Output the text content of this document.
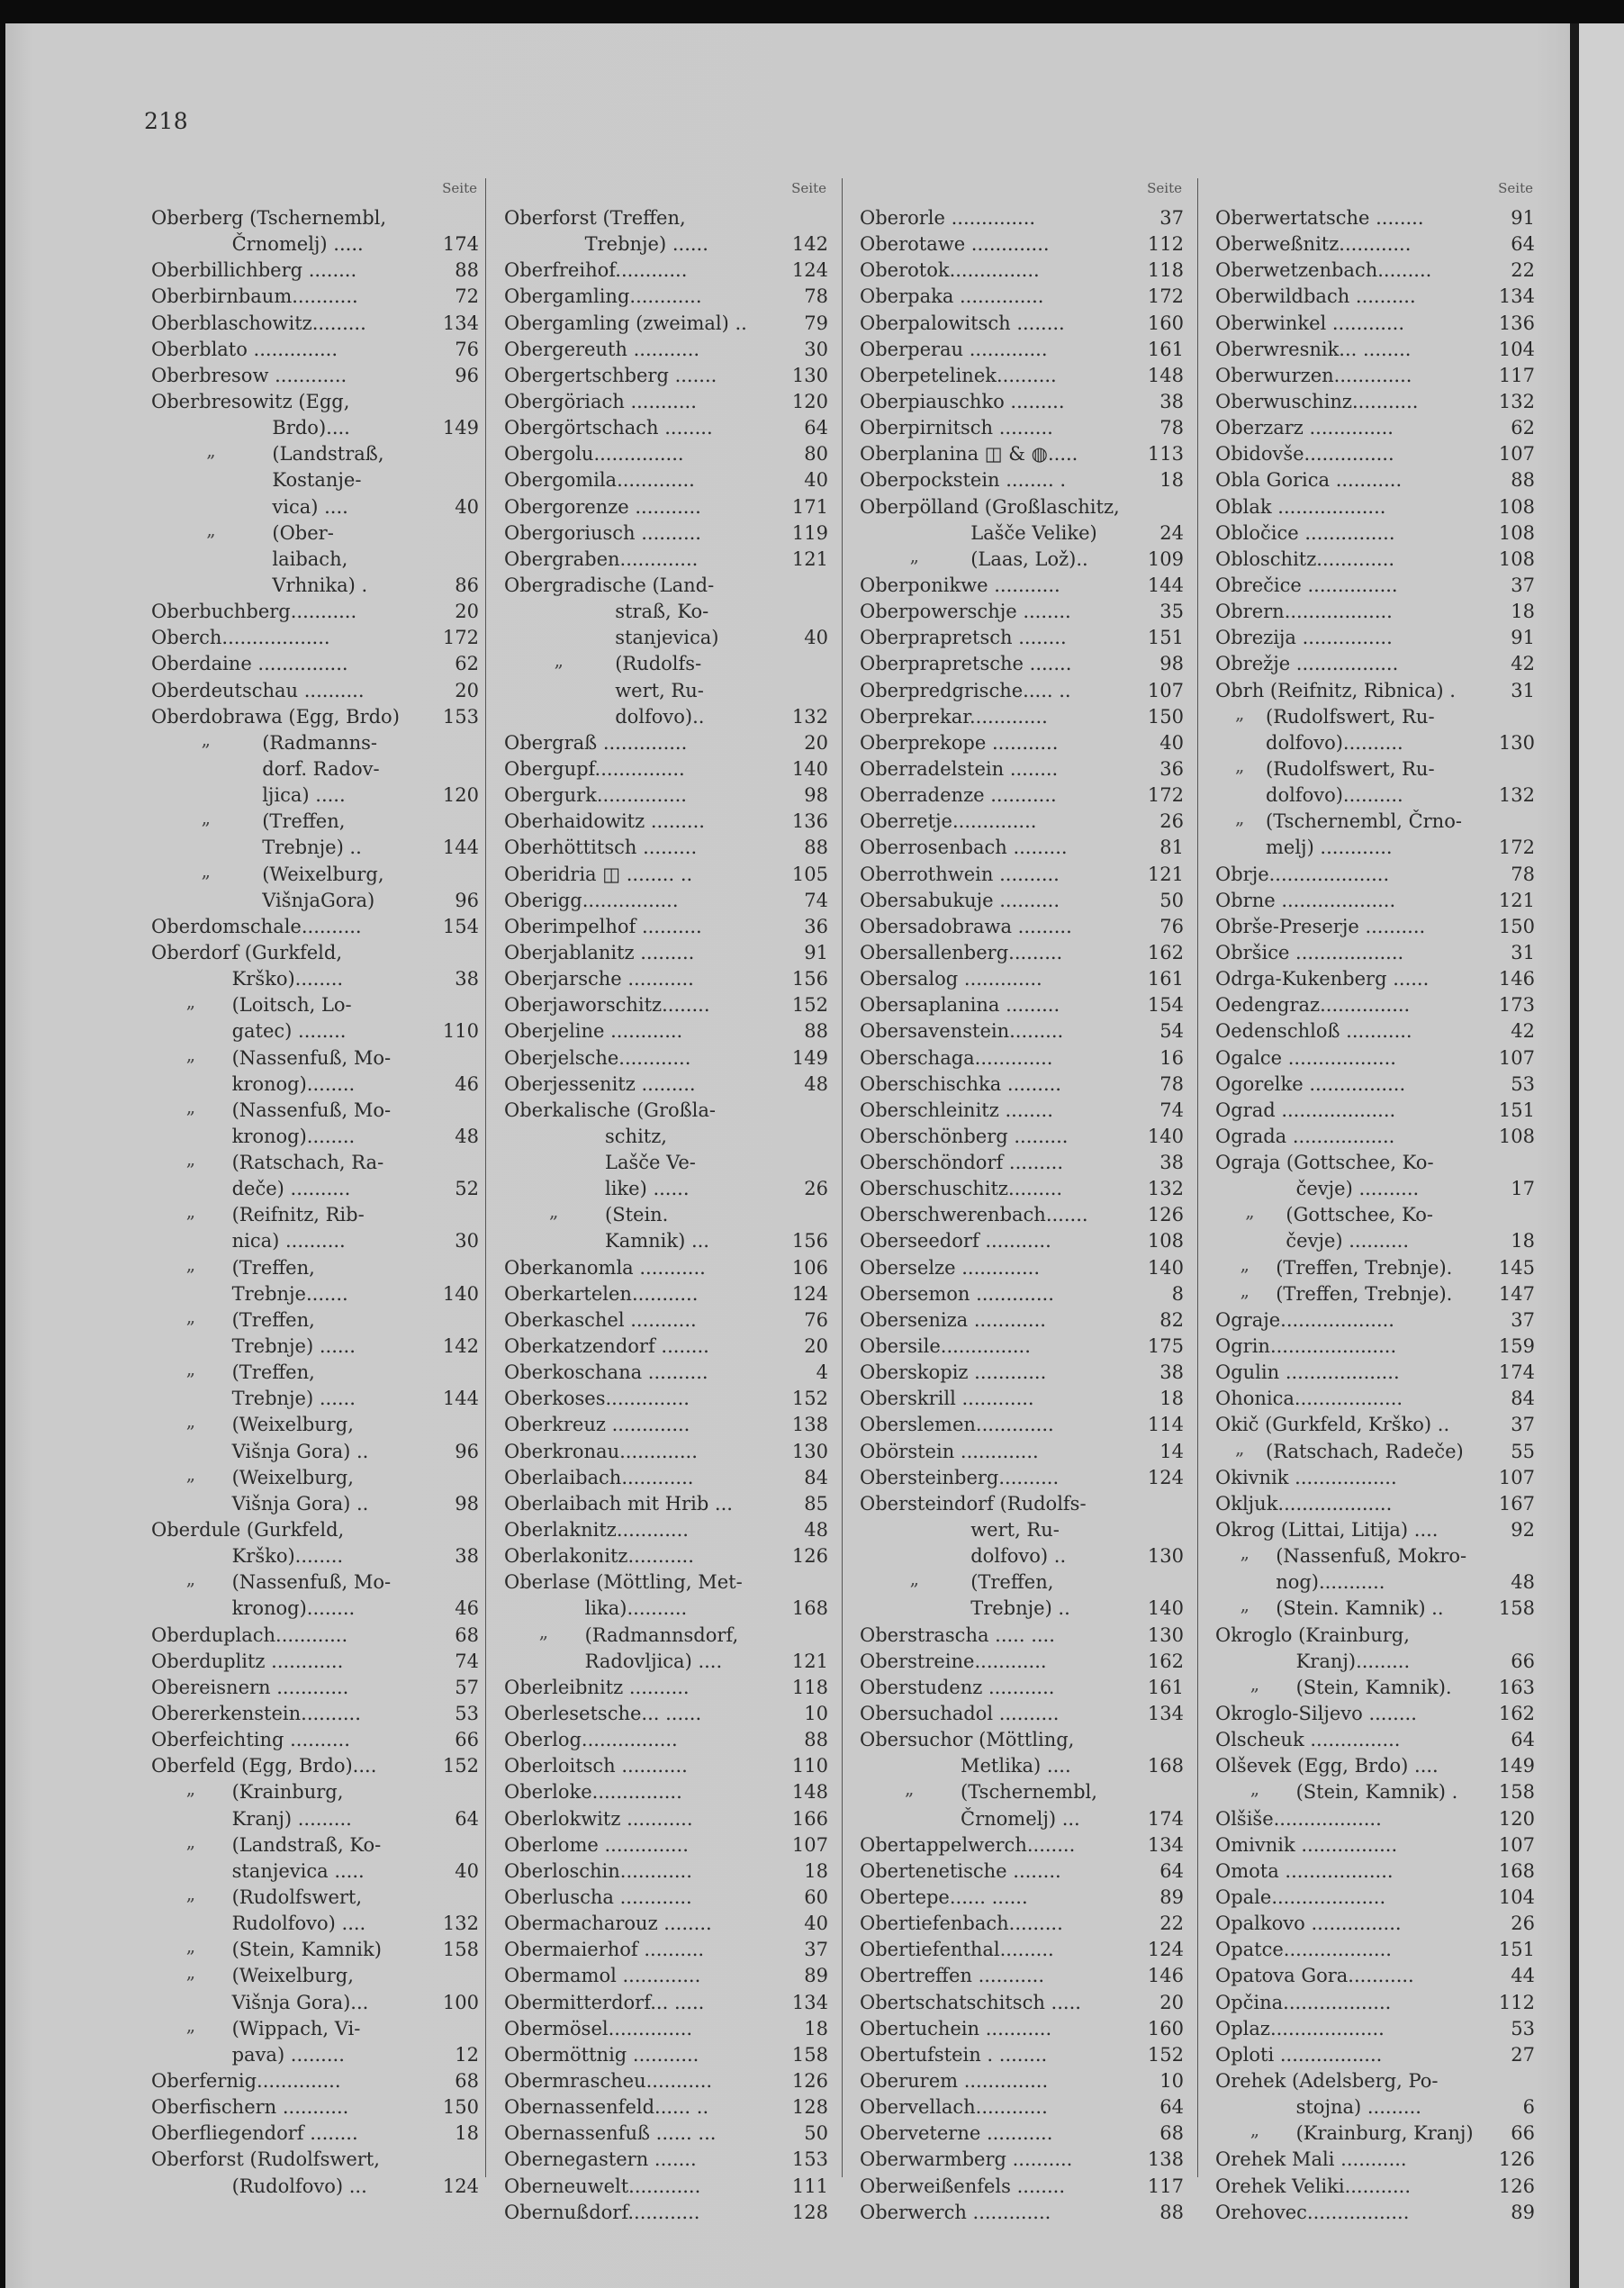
218
Seite
Oberberg (Tschernembl,
Črnomelj) .....	174
Oberbillichberg ........	88
Oberbirnbaum...........	72
Oberblaschowitz.........	134
Oberblato ..............	76
Oberbresow ............	96
Oberbresowitz (Egg,
Brdo)....	149
„	(Landstraß,
Kostanje-
vica) ....	40
„	(Ober-
laibach,
Vrhnika) .	86
Oberbuchberg...........	20
Oberch..................	172
Oberdaine ...............	62
Oberdeutschau ..........	20
Oberdobrawa (Egg, Brdo) 153
„	(Radmanns-
dorf. Radov-
ljica) .....	120
„	(Treffen,
Trebnje) ..	144
„	(Weixelburg,
VišnjaGora)	96
Oberdomschale..........	154
Oberdorf (Gurkfeld,
Krško)........	38
„ (Loitsch, Lo-
gatec) ........	110
„ (Nassenfuß, Mo-
kronog)........	46
„ (Nassenfuß, Mo-
kronog)........	48
„ (Ratschach, Ra-
deče) ..........	52
„ (Reifnitz, Rib-
nica) ..........	30
„ (Treffen,
Trebnje.......	140
„ (Treffen,
Trebnje) ......	142
„ (Treffen,
Trebnje) ......	144
„ (Weixelburg,
Višnja Gora) ..	96
„ (Weixelburg,
Višnja Gora) ..	98
Oberdule (Gurkfeld,
Krško)........	38
„ (Nassenfuß, Mo-
kronog)........	46
Oberduplach............	68
Oberduplitz ............	74
Obereisnern ............	57
Obererkenstein..........	53
Oberfeichting ..........	66
Oberfeld (Egg, Brdo)....	152
„ (Krainburg,
Kranj) .........	64
„ (Landstraß, Ko-
stanjevica .....	40
„ (Rudolfswert,
Rudolfovo) ....	132
„ (Stein, Kamnik)	158
„ (Weixelburg,
Višnja Gora)...	100
„ (Wippach, Vi-
pava) .........	12
Oberfernig..............	68
Oberfischern ...........	150
Oberfliegendorf ........	18
Oberforst (Rudolfswert,
(Rudolfovo) ...	124
Seite
Oberforst (Treffen,
Trebnje) ......	142
Oberfreihof............	124
Obergamling............	78
Obergamling (zweimal) ..	79
Obergereuth ...........	30
Obergertschberg .......	130
Obergöriach ...........	120
Obergörtschach ........	64
Obergolu...............	80
Obergomila.............	40
Obergorenze ...........	171
Obergoriusch ..........	119
Obergraben.............	121
Obergradische (Land-
straß, Ko-
stanjevica)	40
„	(Rudolfs-
wert, Ru-
dolfovo)..	132
Obergraß ..............	20
Obergupf...............	140
Obergurk...............	98
Oberhaidowitz .........	136
Oberhöttitsch .........	88
Oberidria ◫ ........ ..	105
Oberigg................	74
Oberimpelhof ..........	36
Oberjablanitz .........	91
Oberjarsche ...........	156
Oberjaworschitz........	152
Oberjeline ............	88
Oberjelsche............	149
Oberjessenitz .........	48
Oberkalische (Großla-
schitz,
Lašče Ve-
like) ......	26
„ (Stein.
Kamnik) ...	156
Oberkanomla ...........	106
Oberkartelen...........	124
Oberkaschel ...........	76
Oberkatzendorf ........	20
Oberkoschana ..........	4
Oberkoses..............	152
Oberkreuz .............	138
Oberkronau.............	130
Oberlaibach............	84
Oberlaibach mit Hrib ...	85
Oberlaknitz............	48
Oberlakonitz...........	126
Oberlase (Möttling, Met-
lika)..........	168
„ (Radmannsdorf,
Radovljica) ....	121
Oberleibnitz ..........	118
Oberlesetsche... ......	10
Oberlog................	88
Oberloitsch ...........	110
Oberloke...............	148
Oberlokwitz ...........	166
Oberlome ..............	107
Oberloschin............	18
Oberluscha ............	60
Obermacharouz ........	40
Obermaierhof ..........	37
Obermamol .............	89
Obermitterdorf... .....	134
Obermösel..............	18
Obermöttnig ...........	158
Obermrascheu...........	126
Obernassenfeld...... ..	128
Obernassenfuß ...... ...	50
Obernegastern .......	153
Oberneuwelt............	111
Obernußdorf............	128
Seite
Oberorle ..............	37
Oberotawe .............	112
Oberotok...............	118
Oberpaka ..............	172
Oberpalowitsch ........	160
Oberperau .............	161
Oberpetelinek..........	148
Oberpiauschko .........	38
Oberpirnitsch .........	78
Oberplanina ◫ & ◍.....	113
Oberpockstein ........ .	18
Oberpölland (Großlaschitz,
Lašče Velike)	24
„	(Laas, Lož)..	109
Oberponikwe ...........	144
Oberpowerschje ........	35
Oberprapretsch ........	151
Oberprapretsche .......	98
Oberpredgrische..... ..	107
Oberprekar.............	150
Oberprekope ...........	40
Oberradelstein ........	36
Oberradenze ...........	172
Oberretje..............	26
Oberrosenbach .........	81
Oberrothwein ..........	121
Obersabukuje ..........	50
Obersadobrawa .........	76
Obersallenberg.........	162
Obersalog .............	161
Obersaplanina .........	154
Obersavenstein.........	54
Oberschaga.............	16
Oberschischka .........	78
Oberschleinitz ........	74
Oberschönberg .........	140
Oberschöndorf .........	38
Oberschuschitz.........	132
Oberschwerenbach.......	126
Oberseedorf ...........	108
Oberselze .............	140
Obersemon .............	8
Oberseniza ............	82
Obersile...............	175
Oberskopiz ............	38
Oberskrill ............	18
Oberslemen.............	114
Obörstein .............	14
Obersteinberg..........	124
Obersteindorf (Rudolfs-
wert, Ru-
dolfovo) ..	130
„	(Treffen,
Trebnje) ..	140
Oberstrascha ..... ....	130
Oberstreine............	162
Oberstudenz ...........	161
Obersuchadol ..........	134
Obersuchor (Möttling,
Metlika) ....	168
„ (Tschernembl,
Črnomelj) ...	174
Obertappelwerch........	134
Obertenetische ........	64
Obertepe...... ......	89
Obertiefenbach.........	22
Obertiefenthal.........	124
Obertreffen ...........	146
Obertschatschitsch .....	20
Obertuchein ...........	160
Obertufstein . ........	152
Oberurem ..............	10
Obervellach............	64
Oberveterne ...........	68
Oberwarmberg ..........	138
Oberweißenfels ........	117
Oberwerch .............	88
Seite
Oberwertatsche ........	91
Oberweßnitz............	64
Oberwetzenbach.........	22
Oberwildbach ..........	134
Oberwinkel ............	136
Oberwresnik... ........	104
Oberwurzen.............	117
Oberwuschinz...........	132
Oberzarz ..............	62
Obidovše...............	107
Obla Gorica ...........	88
Oblak ..................	108
Obločice ...............	108
Obloschitz.............	108
Obrečice ...............	37
Obrern..................	18
Obrezija ...............	91
Obrežje .................	42
Obrh (Reifnitz, Ribnica) .	31
„ (Rudolfswert, Ru-
dolfovo)..........	130
„ (Rudolfswert, Ru-
dolfovo)..........	132
„ (Tschernembl, Črno-
melj) ............	172
Obrje....................	78
Obrne ...................	121
Obrše-Preserje ..........	150
Obršice ..................	31
Odrga-Kukenberg ......	146
Oedengraz...............	173
Oedenschloß ...........	42
Ogalce ..................	107
Ogorelke ................	53
Ograd ...................	151
Ograda .................	108
Ograja (Gottschee, Ko-
čevje) ..........	17
„ (Gottschee, Ko-
čevje) ..........	18
„ (Treffen, Trebnje). 145
„ (Treffen, Trebnje). 147
Ograje...................	37
Ogrin.....................	159
Ogulin ...................	174
Ohonica..................	84
Okič (Gurkfeld, Krško) ..	37
„ (Ratschach, Radeče)	55
Okivnik .................	107
Okljuk...................	167
Okrog (Littai, Litija) ....	92
„ (Nassenfuß, Mokro-
nog)...........	48
„ (Stein. Kamnik) ..	158
Okroglo (Krainburg,
Kranj).........	66
„ (Stein, Kamnik). 163
Okroglo-Siljevo ........	162
Olscheuk ...............	64
Olševek (Egg, Brdo) ....	149
„ (Stein, Kamnik) . 158
Olšiše..................	120
Omivnik ................	107
Omota ..................	168
Opale...................	104
Opalkovo ...............	26
Opatce..................	151
Opatova Gora...........	44
Opčina..................	112
Oplaz...................	53
Oploti .................	27
Orehek (Adelsberg, Po-
stojna) .........	6
„ (Krainburg, Kranj) 66
Orehek Mali ...........	126
Orehek Veliki...........	126
Orehovec.................	89
